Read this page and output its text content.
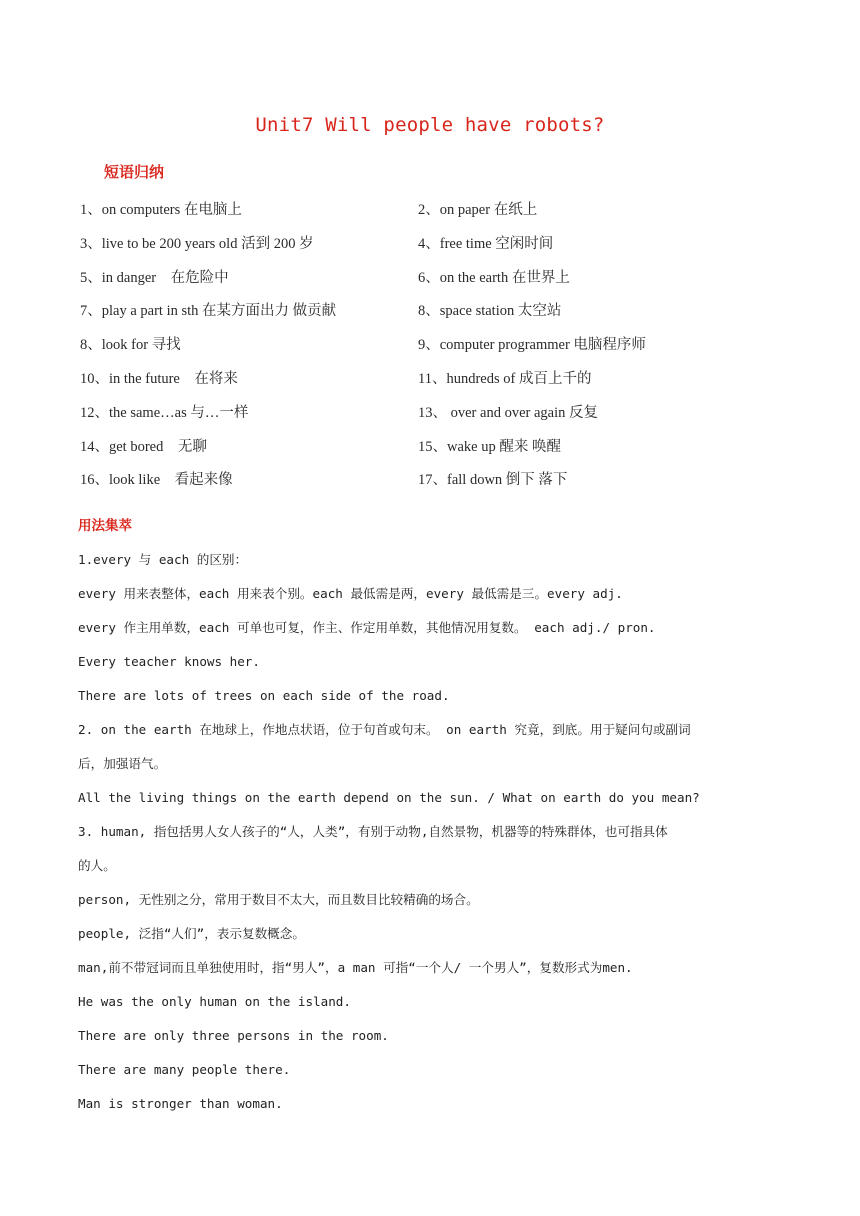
Unit7 Will people have robots?
短语归纳
1、on computers 在电脑上	2、on paper 在纸上
3、live to be 200 years old 活到 200 岁	4、free time 空闲时间
5、in danger　在危险中	6、on the earth 在世界上
7、play a part in sth 在某方面出力 做贡献	8、space station 太空站
8、look for 寻找	9、computer programmer 电脑程序师
10、in the future　在将来	11、hundreds of 成百上千的
12、the same…as 与…一样	13、 over and over again 反复
14、get bored　无聊	15、wake up 醒来 唤醒
16、look like　看起来像	17、fall down 倒下 落下
用法集萃
1.every 与 each 的区别：
every 用来表整体，each 用来表个别。each 最低需是两，every 最低需是三。every adj.
every 作主用单数，each 可单也可复，作主、作定用单数，其他情况用复数。 each adj./ pron.
Every teacher knows her.
There are lots of trees on each side of the road.
2. on the earth 在地球上，作地点状语，位于句首或句末。 on earth 究竟，到底。用于疑问句或副词
后，加强语气。
All the living things on the earth depend on the sun. / What on earth do you mean?
3. human, 指包括男人女人孩子的“人，人类”，有别于动物,自然景物，机器等的特殊群体，也可指具体
的人。
person, 无性别之分，常用于数目不太大，而且数目比较精确的场合。
people, 泛指“人们”，表示复数概念。
man,前不带冠词而且单独使用时，指“男人”，a man 可指“一个人/ 一个男人”，复数形式为men.
He was the only human on the island.
There are only three persons in the room.
There are many people there.
Man is stronger than woman.
